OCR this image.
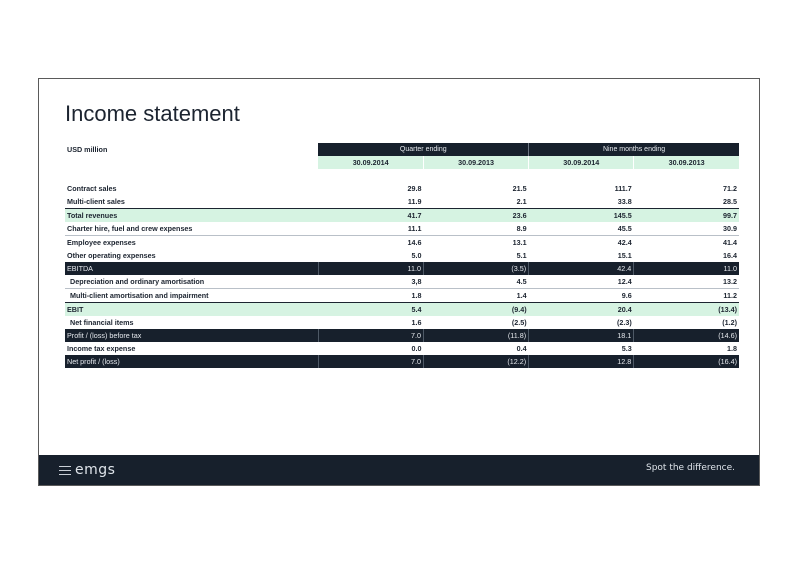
Income statement
USD million	Quarter ending		Nine months ending	
	30.09.2014	30.09.2013	30.09.2014	30.09.2013

Contract sales	29.8	21.5	111.7	71.2
Multi-client sales	11.9	2.1	33.8	28.5
Total revenues	41.7	23.6	145.5	99.7
Charter hire, fuel and crew expenses	11.1	8.9	45.5	30.9
Employee expenses	14.6	13.1	42.4	41.4
Other operating expenses	5.0	5.1	15.1	16.4
EBITDA	11.0	(3.5)	42.4	11.0
Depreciation and ordinary amortisation	3,8	4.5	12.4	13.2
Multi-client amortisation and impairment	1.8	1.4	9.6	11.2
EBIT	5.4	(9.4)	20.4	(13.4)
Net financial items	1.6	(2.5)	(2.3)	(1.2)
Profit / (loss) before tax	7.0	(11.8)	18.1	(14.6)
Income tax expense	0.0	0.4	5.3	1.8
Net profit / (loss)	7.0	(12.2)	12.8	(16.4)
emgs	Spot the difference.
